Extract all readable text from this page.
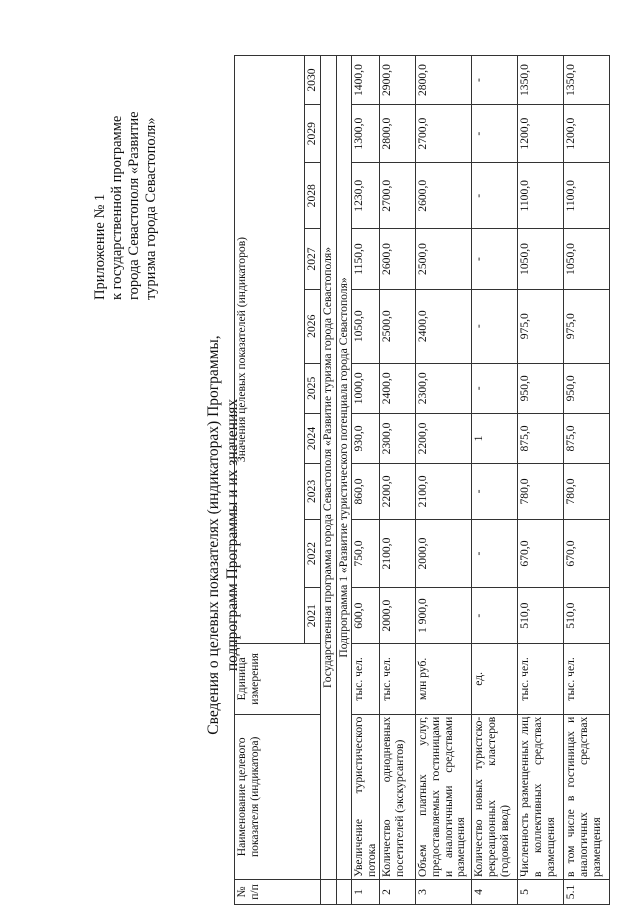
Приложение № 1 к государственной программе города Севастополя «Развитие туризма города Севастополя»
Сведения о целевых показателях (индикаторах) Программы, подпрограмм Программы и их значениях
№ п/п	Наименование целевого показателя (индикатора)	Единица измерения	Значения целевых показателей (индикаторов)									
			2021	2022	2023	2024	2025	2026	2027	2028	2029	2030
	Государственная программа города Севастополя «Развитие туризма города Севастополя»											
	Подпрограмма 1 «Развитие туристического потенциала города Севастополя»											
1	Увеличение туристического потока	тыс. чел.	600,0	750,0	860,0	930,0	1000,0	1050,0	1150,0	1230,0	1300,0	1400,0
2	Количество однодневных посетителей (экскурсантов)	тыс. чел.	2000,0	2100,0	2200,0	2300,0	2400,0	2500,0	2600,0	2700,0	2800,0	2900,0
3	Объем платных услуг, предоставляемых гостиницами и аналогичными средствами размещения	млн руб.	1 900,0	2000,0	2100,0	2200,0	2300,0	2400,0	2500,0	2600,0	2700,0	2800,0
4	Количество новых туристско-рекреационных кластеров (годовой ввод)	ед.	-	-	-	1	-	-	-	-	-	-
5	Численность размещенных лиц в коллективных средствах размещения	тыс. чел.	510,0	670,0	780,0	875,0	950,0	975,0	1050,0	1100,0	1200,0	1350,0
5.1	в том числе в гостиницах и аналогичных средствах размещения	тыс. чел.	510,0	670,0	780,0	875,0	950,0	975,0	1050,0	1100,0	1200,0	1350,0
